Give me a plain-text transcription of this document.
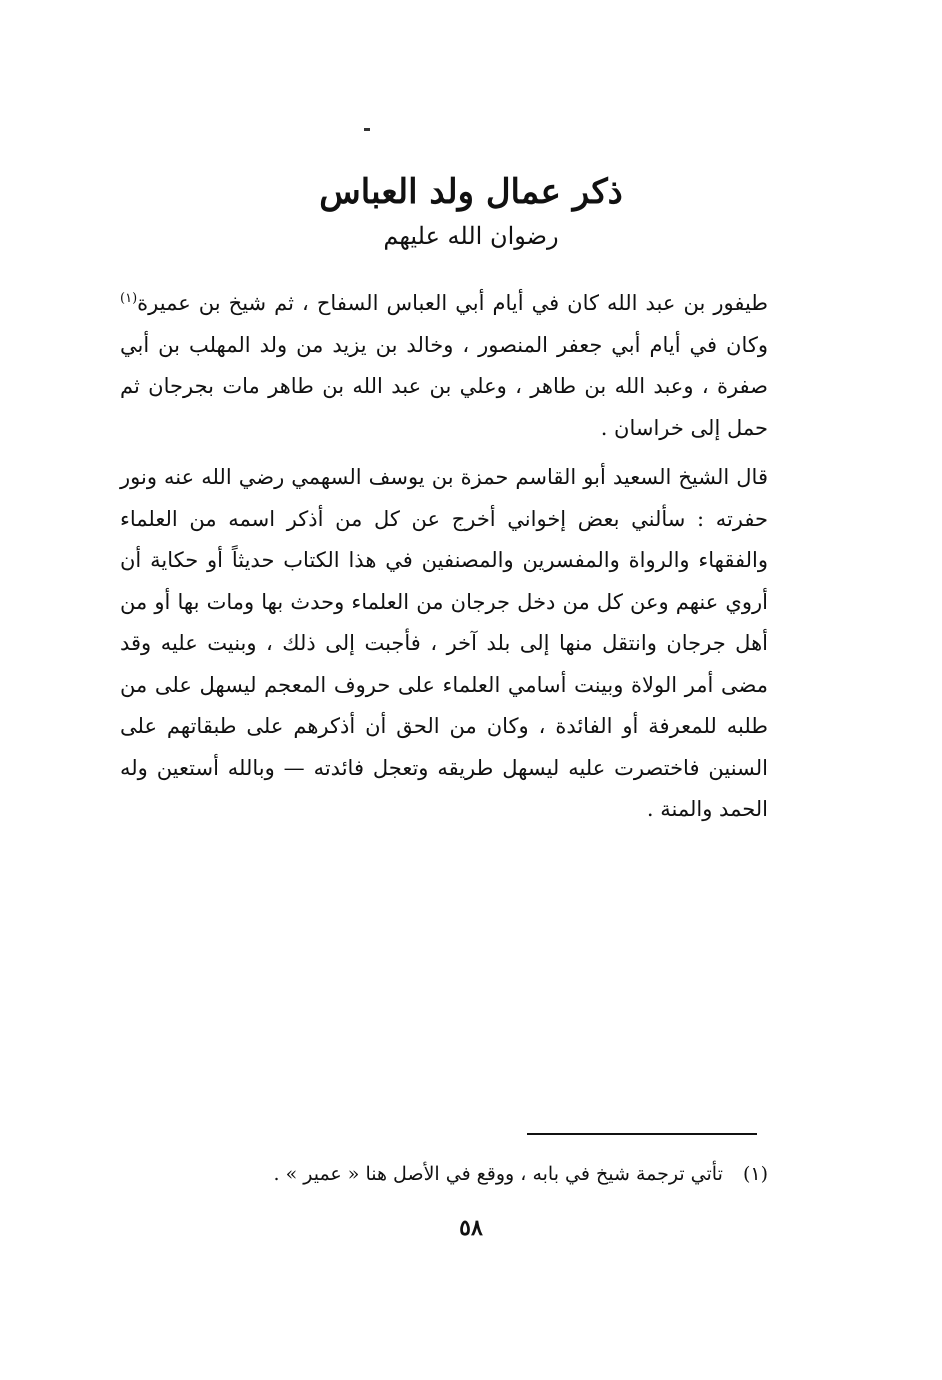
ذكر عمال ولد العباس
رضوان الله عليهم
طيفور بن عبد الله كان في أيام أبي العباس السفاح ، ثم شيخ بن عميرة$^{(١)}$ وكان في أيام أبي جعفر المنصور ، وخالد بن يزيد من ولد المهلب بن أبي صفرة ، وعبد الله بن طاهر ، وعلي بن عبد الله بن طاهر مات بجرجان ثم حمل إلى خراسان .
قال الشيخ السعيد أبو القاسم حمزة بن يوسف السهمي رضي الله عنه ونور حفرته : سألني بعض إخواني أخرج عن كل من أذكر اسمه من العلماء والفقهاء والرواة والمفسرين والمصنفين في هذا الكتاب حديثاً أو حكاية أن أروي عنهم وعن كل من دخل جرجان من العلماء وحدث بها ومات بها أو من أهل جرجان وانتقل منها إلى بلد آخر ، فأجبت إلى ذلك ، وبنيت عليه وقد مضى أمر الولاة وبينت أسامي العلماء على حروف المعجم ليسهل على من طلبه للمعرفة أو الفائدة ، وكان من الحق أن أذكرهم على طبقاتهم على السنين فاختصرت عليه ليسهل طريقه وتعجل فائدته — وبالله أستعين وله الحمد والمنة .
(١) تأتي ترجمة شيخ في بابه ، ووقع في الأصل هنا « عمير » .
٥٨
